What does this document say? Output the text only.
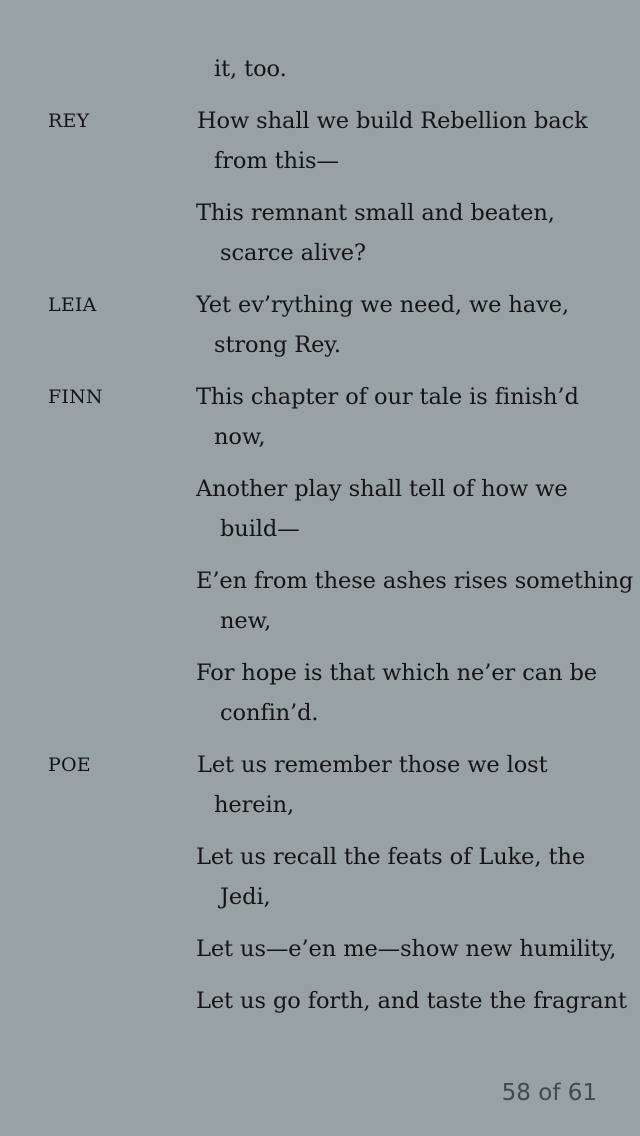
it, too.
REY	How shall we build Rebellion back
from this—
This remnant small and beaten,
scarce alive?
LEIA	Yet ev’rything we need, we have,
strong Rey.
FINN	This chapter of our tale is finish’d
now,
Another play shall tell of how we
build—
E’en from these ashes rises something
new,
For hope is that which ne’er can be
confin’d.
POE	Let us remember those we lost
herein,
Let us recall the feats of Luke, the
Jedi,
Let us—e’en me—show new humility,
Let us go forth, and taste the fragrant
58 of 61
